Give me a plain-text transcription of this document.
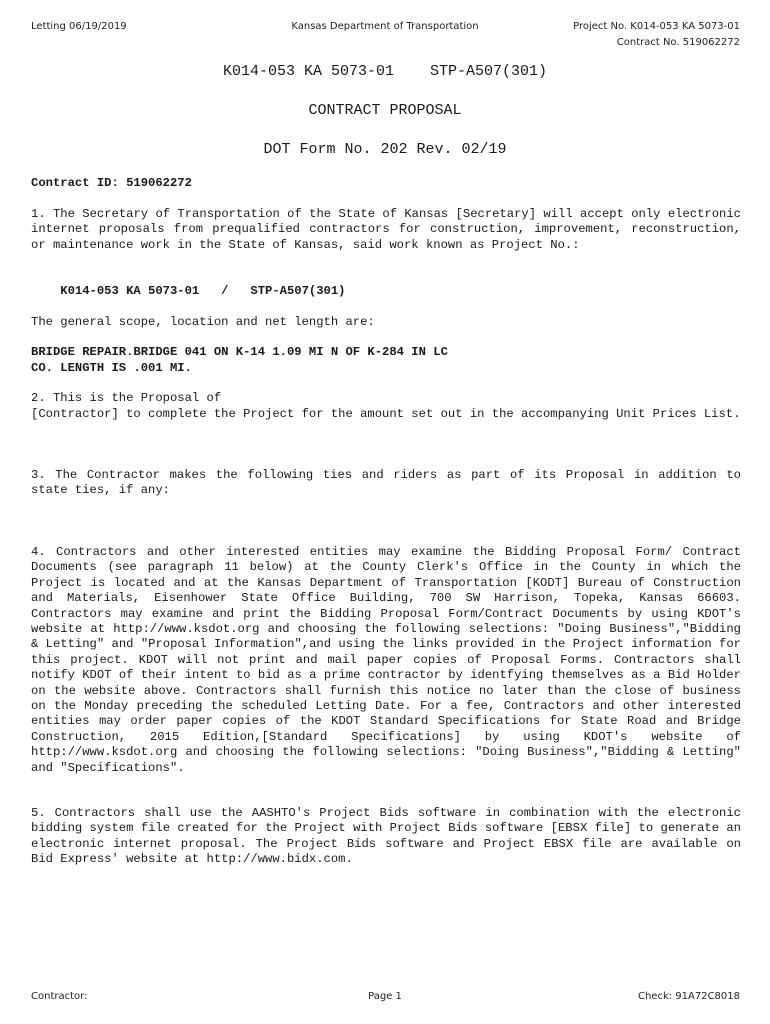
Letting 06/19/2019	Kansas Department of Transportation	Project No. K014-053 KA 5073-01
Contract No. 519062272
K014-053 KA 5073-01    STP-A507(301)
CONTRACT PROPOSAL
DOT Form No. 202 Rev. 02/19
Contract ID: 519062272

1. The Secretary of Transportation of the State of Kansas [Secretary] will accept only electronic internet proposals from prequalified contractors for construction, improvement, reconstruction, or maintenance work in the State of Kansas, said work known as Project No.:

K014-053 KA 5073-01   /   STP-A507(301)
The general scope, location and net length are:
BRIDGE REPAIR.BRIDGE 041 ON K-14 1.09 MI N OF K-284 IN LC
CO. LENGTH IS .001 MI.
2. This is the Proposal of

[Contractor] to complete the Project for the amount set out in the accompanying Unit Prices List.

3. The Contractor makes the following ties and riders as part of its Proposal in addition to state ties, if any:

4. Contractors and other interested entities may examine the Bidding Proposal Form/ Contract Documents (see paragraph 11 below) at the County Clerk's Office in the County in which the Project is located and at the Kansas Department of Transportation [KODT] Bureau of Construction and Materials, Eisenhower State Office Building, 700 SW Harrison, Topeka, Kansas 66603. Contractors may examine and print the Bidding Proposal Form/Contract Documents by using KDOT's website at http://www.ksdot.org and choosing the following selections: "Doing Business","Bidding & Letting" and "Proposal Information",and using the links provided in the Project information for this project. KDOT will not print and mail paper copies of Proposal Forms. Contractors shall notify KDOT of their intent to bid as a prime contractor by identfying themselves as a Bid Holder on the website above. Contractors shall furnish this notice no later than the close of business on the Monday preceding the scheduled Letting Date. For a fee, Contractors and other interested entities may order paper copies of the KDOT Standard Specifications for State Road and Bridge Construction, 2015 Edition,[Standard Specifications] by using KDOT's website of http://www.ksdot.org and choosing the following selections: "Doing Business","Bidding & Letting" and "Specifications".

5. Contractors shall use the AASHTO's Project Bids software in combination with the electronic bidding system file created for the Project with Project Bids software [EBSX file] to generate an electronic internet proposal. The Project Bids software and Project EBSX file are available on Bid Express' website at http://www.bidx.com.

Contractor:	Page 1	Check: 91A72C8018
